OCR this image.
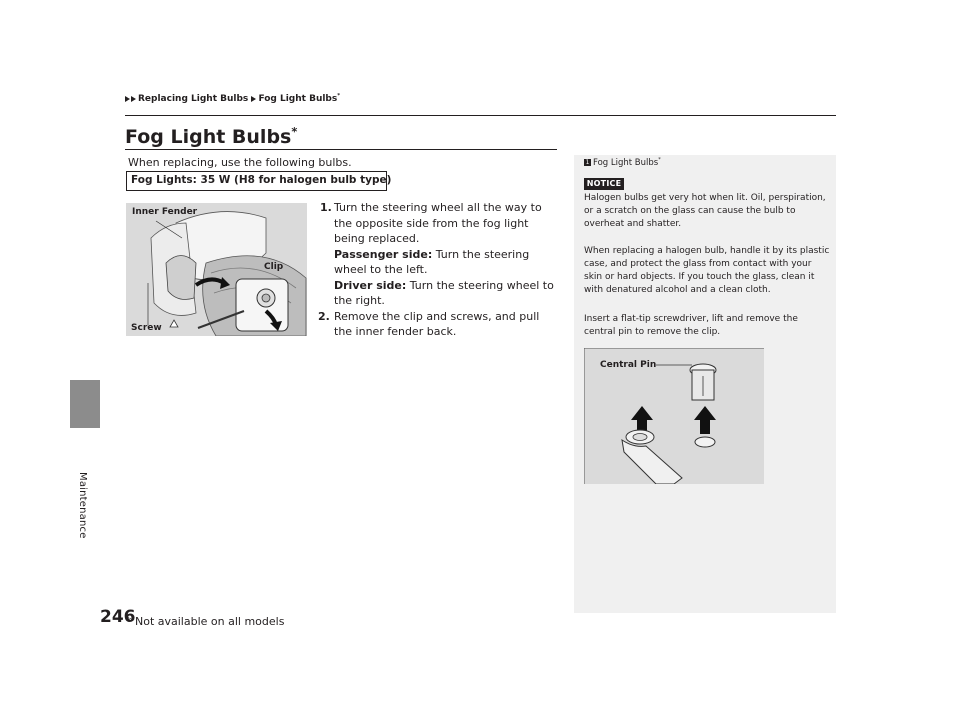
Maintenance
Replacing Light Bulbs Fog Light Bulbs*
Fog Light Bulbs*
When replacing, use the following bulbs.
Fog Lights: 35 W (H8 for halogen bulb type)
Inner Fender
Clip
Screw
1. Turn the steering wheel all the way to the opposite side from the fog light being replaced.
Passenger side: Turn the steering wheel to the left.
Driver side: Turn the steering wheel to the right.
2. Remove the clip and screws, and pull the inner fender back.
1 Fog Light Bulbs*
NOTICE
Halogen bulbs get very hot when lit. Oil, perspiration, or a scratch on the glass can cause the bulb to overheat and shatter.
When replacing a halogen bulb, handle it by its plastic case, and protect the glass from contact with your skin or hard objects. If you touch the glass, clean it with denatured alcohol and a clean cloth.
Insert a flat-tip screwdriver, lift and remove the central pin to remove the clip.
Central Pin
246
* Not available on all models
